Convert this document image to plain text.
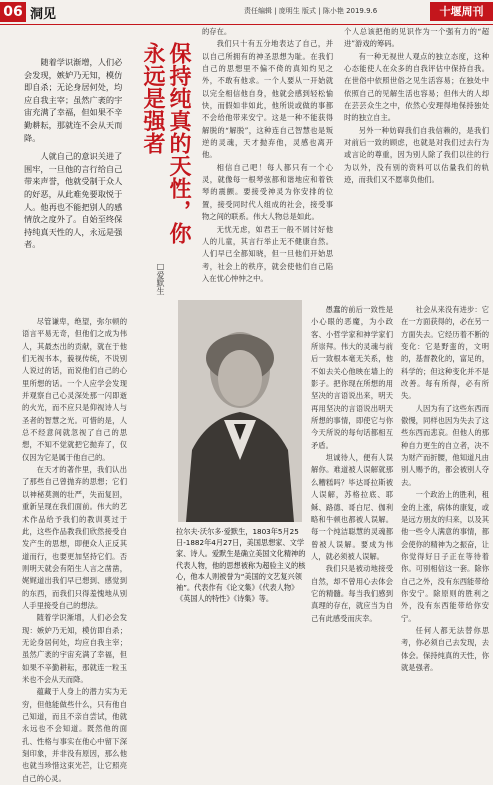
06 洞见	责任编辑 | 庞明生 版式 | 陈小艳 2019.9.6	十堰周刊

随着学识渐增，人们必会发现，嫉妒乃无知，模仿即自杀；无论身居何处，均应自我主宰；虽然广袤的宇宙充满了幸福，但如果不辛勤耕耘，那就连不会从天而降。

人就自己的意识关进了围牢，一旦他的言行给自己带来声誉，他就受制于众人的好恶，从此难免要取悦于人。他再也不能把别人的感情放之度外了。自始至终保持纯真天性的人，永远是强者。	保持纯真的天性，你永远是强者
□爱默生

尽管谦卑，绝望，弥尔顿的语言平易无奇，但他们之成为伟人，其最杰出的贡献，就在于他们无视书本，藐视传统，不说别人说过的话，而说他们自己的心里所想的话。一个人应学会发现并观察自己心灵深处那一闪即逝的火光，而不应只是仰视诗人与圣者的智慧之光。可惜的是，人总不经意间就忽视了自己的思想，不知不觉就把它抛弃了，仅仅因为它是属于他自己的。

在天才的著作里，我们认出了那些自己曾抛弃的思想；它们以神秘莫测的壮严，失而复回，重新呈现在我们面前。伟大的艺术作品给予我们的教训莫过于此，这些作品教我们欣然接受自发产生的思想，即便众人正反其道而行，也要更加坚持它们。否则明天就会有陌生人言之凿凿，娓娓道出我们早已想到、感觉到的东西，而我们只得羞愧地从别人手里接受自己的想法。

随着学识渐增，人们必会发现：嫉妒乃无知，模仿即自杀；无论身居何处，均应自我主宰；虽然广袤的宇宙充满了幸福，但如果不辛勤耕耘，那就连一粒玉米也不会从天而降。

蕴藏于人身上的潜力实为无穷，但他能做些什么，只有他自己知道，而且不亲自尝试，他就永远也不会知道。既然他的面孔、性格与事实在他心中留下深刻印象，并非没有原因，那么他也就当珍惜这束光芒，让它照亮自己的心灵。

的存在。

我们只十有五分地表达了自己，并以自己所拥有的神圣思想为耻。在我们自己的思想里不偏不倚的真知灼见之外，不敢有他求。一个人要从一开始就以完全相信他自身，他就会感到轻松愉快，而假如非如此，他所说或做的事都不会给他带来安宁。这是一种不能获得解脱的“解脱”，这种连自己智慧也是叛逆的灵魂，天才抛弃他，灵感也离开他。

相信自己吧！每人都只有一个心灵，就像每一根琴弦都和谐地应和着铁琴的震颤。要接受神灵为你安排的位置，接受同时代人组成的社会，接受事物之间的联系。伟大人物总是如此。

无忧无虑，如君王一般不屑讨好他人的儿童，其言行举止无不健康自然。人们早已全都知晓，但一旦他们开始思考，社会上的秩序，就会使他们自己陷入在忧心忡忡之中。

个人总该把他的见识作为一个强有力的“超进”游戏的筹码。

有一种无视世人观点的独立态度，这种心态能使人在众多的自我评估中保持自我。在世俗中依照世俗之见生活容易；在独处中依照自己的见解生活也容易；但伟大的人却在芸芸众生之中，依然心安理得地保持独处时的独立自主。

另外一种妨碍我们自我信赖的，是我们对前后一致的顾虑，也就是对我们过去行为或言论的尊重，因为别人除了我们以往的行为以外，没有别的资料可以估量我们的轨迹，而我们又不愿辜负他们。

拉尔夫·沃尔多·爱默生，1803年5月25日-1882年4月27日，美国思想家、文学家、诗人。爱默生是确立美国文化精神的代表人物，他的思想被称为超验主义的核心，他本人则被誉为“美国的文艺复兴领袖”。代表作有《论文集》《代表人物》《英国人的特性》《诗集》等。

愚蠢的前后一致性是小心眼的恶魔，为小政客、小哲学家和神学家们所崇拜。伟大的灵魂与前后一致根本毫无关系，他不如去关心他映在墙上的影子。把你现在所想的用坚决的言语说出来，明天再用坚决的言语说出明天所想的事情，即使它与你今天所说的每句话都相互矛盾。

坦诚待人，便有人误解你。难道被人误解就那么糟糕吗？毕达哥拉斯被人误解，苏格拉底、耶稣、路德、哥白尼、伽利略和牛顿也都被人误解。每一个纯洁聪慧的灵魂都曾被人误解。要成为伟人，就必须被人误解。

我们只是被动地接受自然，却不曾用心去体会它的精髓。每当我们感到真理的存在，就应当为自己有此感受而庆幸。

社会从来没有进步：它在一方面获得的，必在另一方面失去。它经历着不断的变化：它是野蛮的，文明的，基督教化的，富足的，科学的；但这种变化并不是改善。每有所得，必有所失。

人因为有了这些东西而傲慢，同样也因为失去了这些东西而悲哀。但他人的那种自力更生的自立者，决不为财产而折腰，他知道凡由别人赐予的，都会被别人夺去。

一个政治上的胜利，租金的上涨，病体的康复，或是远方朋友的归来，以及其他一些令人满意的事情，都会使你的精神为之振奋，让你觉得好日子正在等待着你。可别相信这一套。除你自己之外，没有东西能带给你安宁。除原则的胜利之外，没有东西能带给你安宁。

任何人都无法替你思考，你必须自己去发现，去体会。保持纯真的天性，你就是强者。
